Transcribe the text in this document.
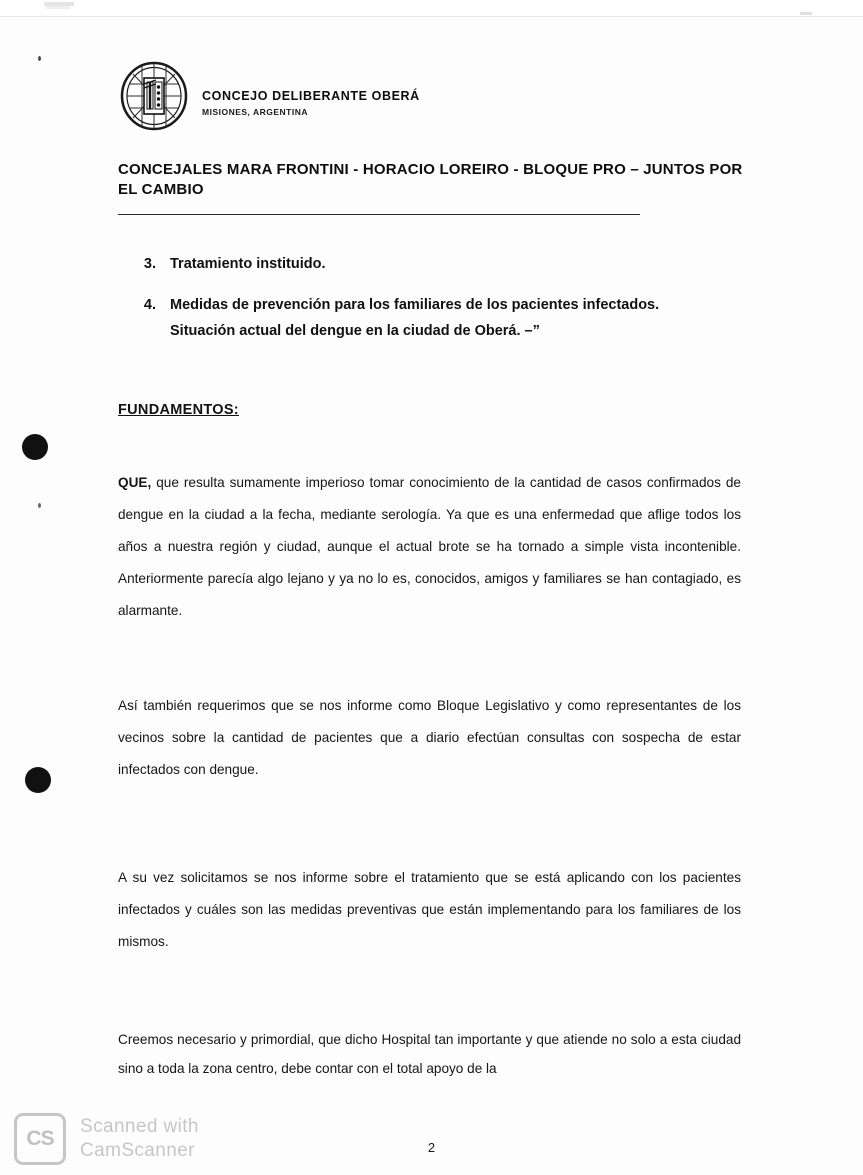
CONCEJO DELIBERANTE OBERÁ
MISIONES, ARGENTINA
CONCEJALES MARA FRONTINI - HORACIO LOREIRO - BLOQUE PRO – JUNTOS POR EL CAMBIO
3. Tratamiento instituido.
4. Medidas de prevención para los familiares de los pacientes infectados.
Situación actual del dengue en la ciudad de Oberá. –”
FUNDAMENTOS:
QUE, que resulta sumamente imperioso tomar conocimiento de la cantidad de casos confirmados de dengue en la ciudad a la fecha, mediante serología. Ya que es una enfermedad que aflige todos los años a nuestra región y ciudad, aunque el actual brote se ha tornado a simple vista incontenible. Anteriormente parecía algo lejano y ya no lo es, conocidos, amigos y familiares se han contagiado, es alarmante.
Así también requerimos que se nos informe como Bloque Legislativo y como representantes de los vecinos sobre la cantidad de pacientes que a diario efectúan consultas con sospecha de estar infectados con dengue.
A su vez solicitamos se nos informe sobre el tratamiento que se está aplicando con los pacientes infectados y cuáles son las medidas preventivas que están implementando para los familiares de los mismos.
Creemos necesario y primordial, que dicho Hospital tan importante y que atiende no solo a esta ciudad sino a toda la zona centro, debe contar con el total apoyo de la
2
CS
Scanned with
CamScanner
